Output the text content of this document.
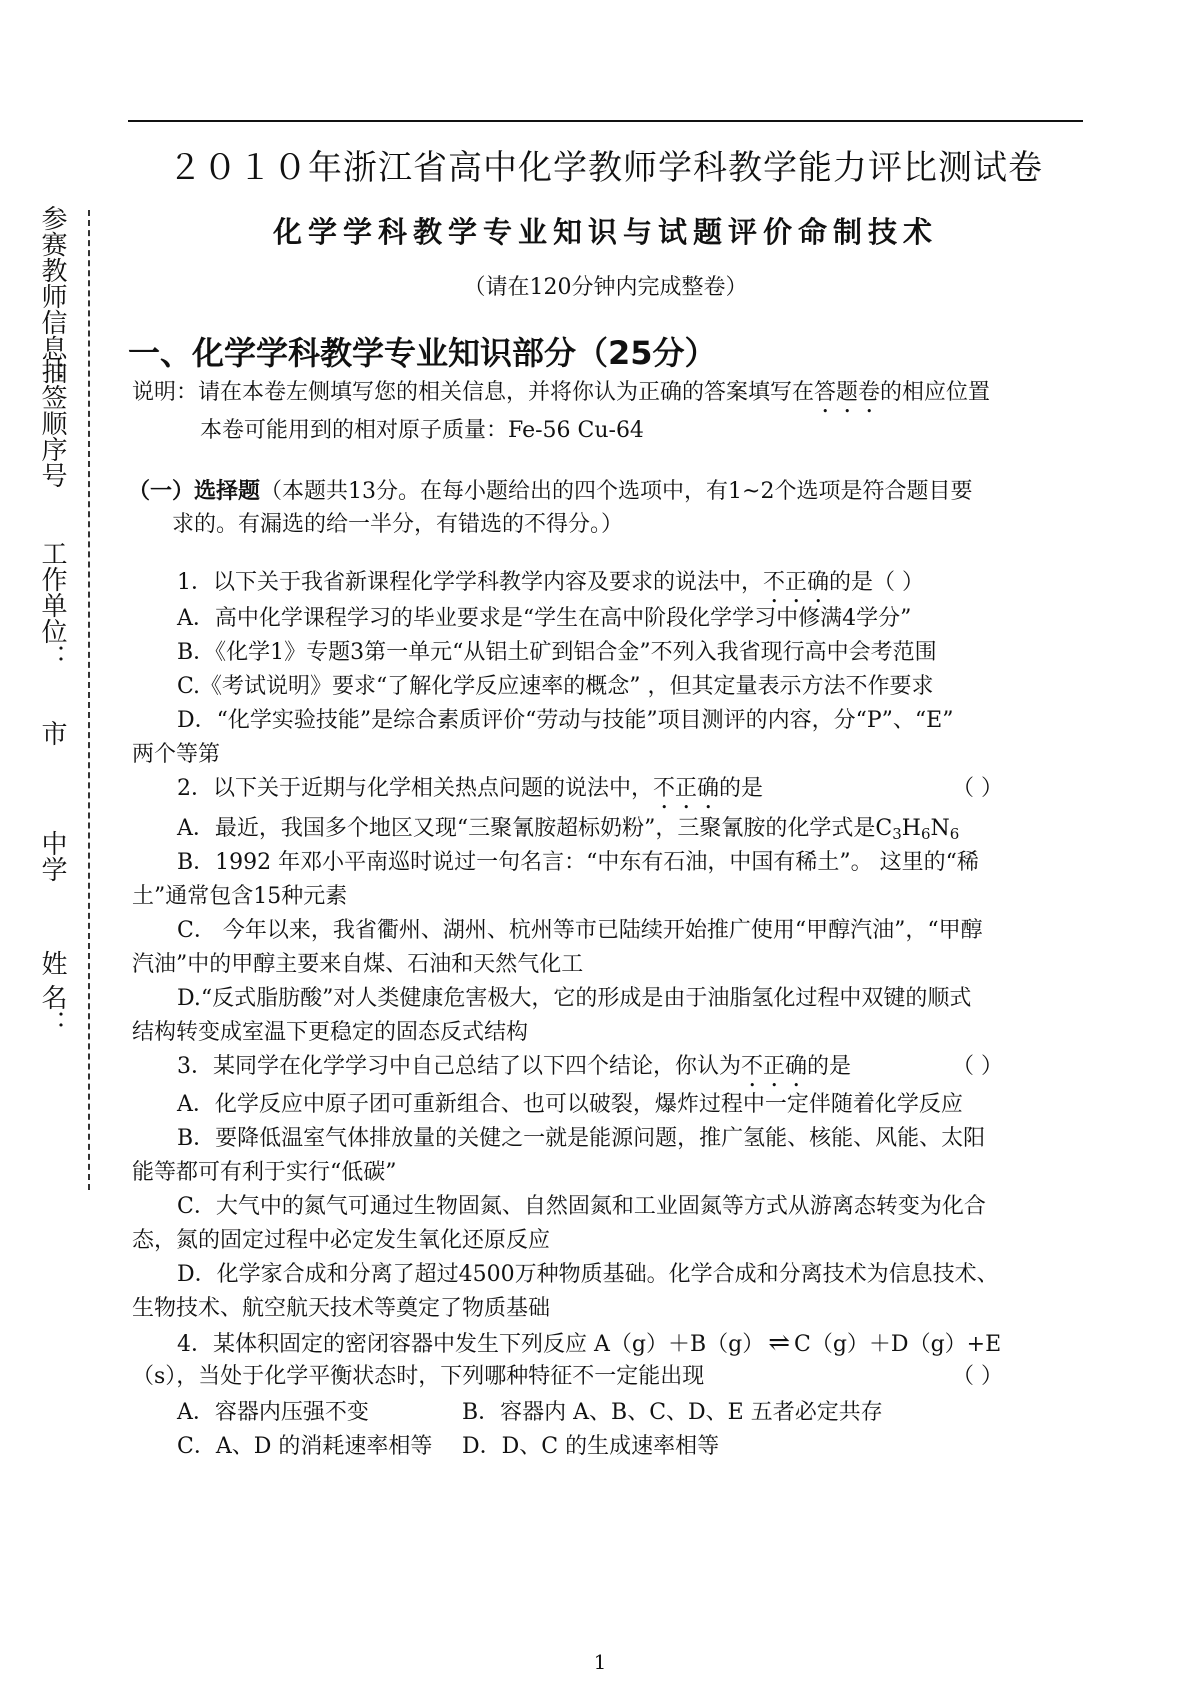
参赛教师信息：
抽签顺序号
工作单位：
市
中学
姓 名：
２０１０年浙江省高中化学教师学科教学能力评比测试卷
化学学科教学专业知识与试题评价命制技术
（请在120分钟内完成整卷）
一、化学学科教学专业知识部分（25分）
说明：请在本卷左侧填写您的相关信息，并将你认为正确的答案填写在答题卷的相应位置
本卷可能用到的相对原子质量：Fe-56 Cu-64
（一）选择题（本题共13分。在每小题给出的四个选项中，有1~2个选项是符合题目要
求的。有漏选的给一半分，有错选的不得分。）
1．以下关于我省新课程化学学科教学内容及要求的说法中，不正确的是（ ）
A．高中化学课程学习的毕业要求是“学生在高中阶段化学学习中修满4学分”
B．《化学1》专题3第一单元“从铝土矿到铝合金”不列入我省现行高中会考范围
C.《考试说明》要求“了解化学反应速率的概念” ，但其定量表示方法不作要求
D．“化学实验技能”是综合素质评价“劳动与技能”项目测评的内容，分“P”、“E”
两个等第
2．以下关于近期与化学相关热点问题的说法中，不正确的是	（ ）
A．最近，我国多个地区又现“三聚氰胺超标奶粉”，三聚氰胺的化学式是$C_3H_6N_6$
B．1992 年邓小平南巡时说过一句名言：“中东有石油，中国有稀土”。 这里的“稀
土”通常包含15种元素
C． 今年以来，我省衢州、湖州、杭州等市已陆续开始推广使用“甲醇汽油”，“甲醇
汽油”中的甲醇主要来自煤、石油和天然气化工
D.“反式脂肪酸”对人类健康危害极大，它的形成是由于油脂氢化过程中双键的顺式
结构转变成室温下更稳定的固态反式结构
3．某同学在化学学习中自己总结了以下四个结论，你认为不正确的是	（ ）
A．化学反应中原子团可重新组合、也可以破裂，爆炸过程中一定伴随着化学反应
B．要降低温室气体排放量的关健之一就是能源问题，推广氢能、核能、风能、太阳
能等都可有利于实行“低碳”
C．大气中的氮气可通过生物固氮、自然固氮和工业固氮等方式从游离态转变为化合
态，氮的固定过程中必定发生氧化还原反应
D．化学家合成和分离了超过4500万种物质基础。化学合成和分离技术为信息技术、
生物技术、航空航天技术等奠定了物质基础
4．某体积固定的密闭容器中发生下列反应 A（g）＋B（g） ⇌ C（g）＋D（g）+E
（s），当处于化学平衡状态时，下列哪种特征不一定能出现	（ ）
A．容器内压强不变	B．容器内 A、B、C、D、E 五者必定共存
C．A、D 的消耗速率相等 D．D、C 的生成速率相等
1
